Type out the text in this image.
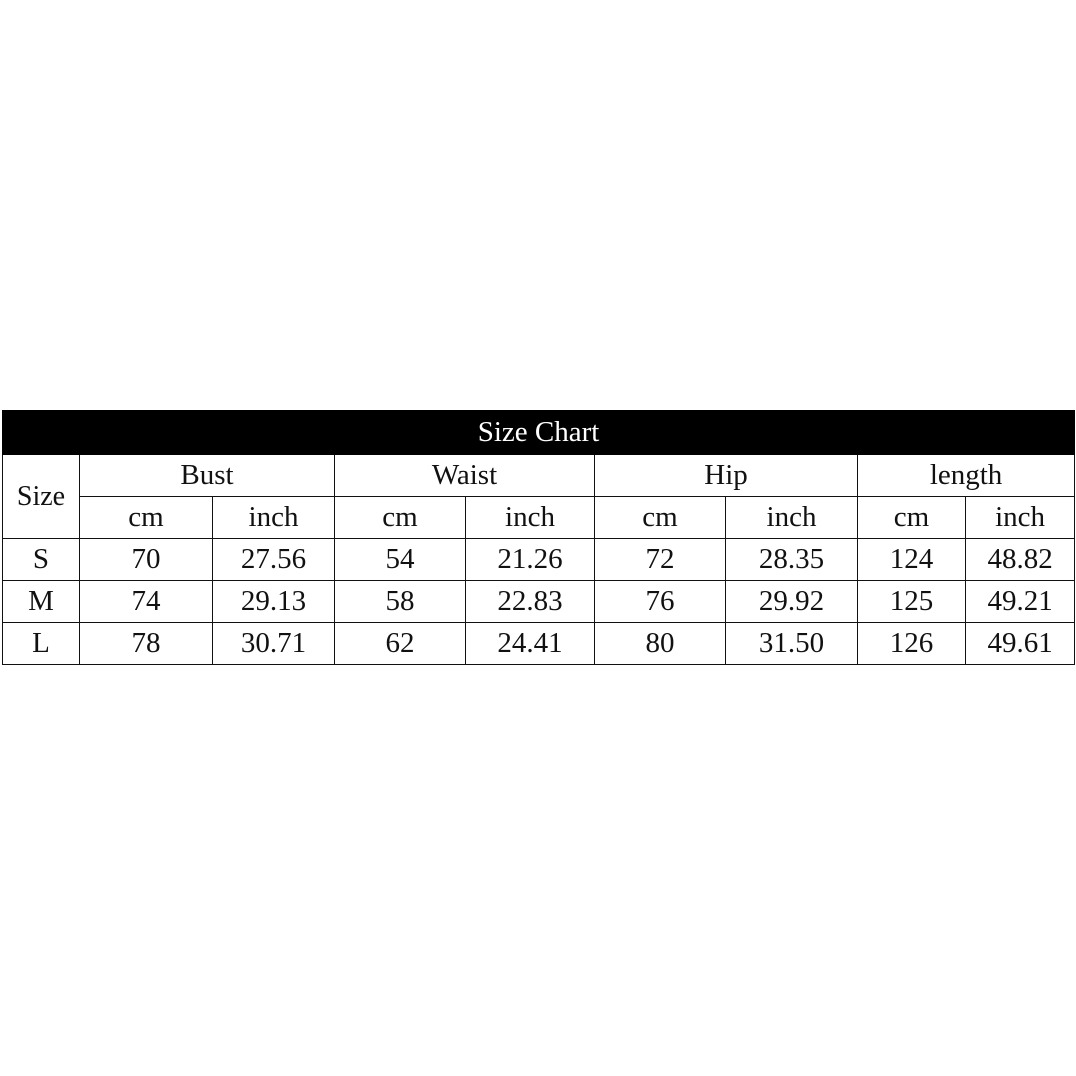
Size Chart								
Size	Bust		Waist		Hip		length	
	cm	inch	cm	inch	cm	inch	cm	inch
S	70	27.56	54	21.26	72	28.35	124	48.82
M	74	29.13	58	22.83	76	29.92	125	49.21
L	78	30.71	62	24.41	80	31.50	126	49.61
